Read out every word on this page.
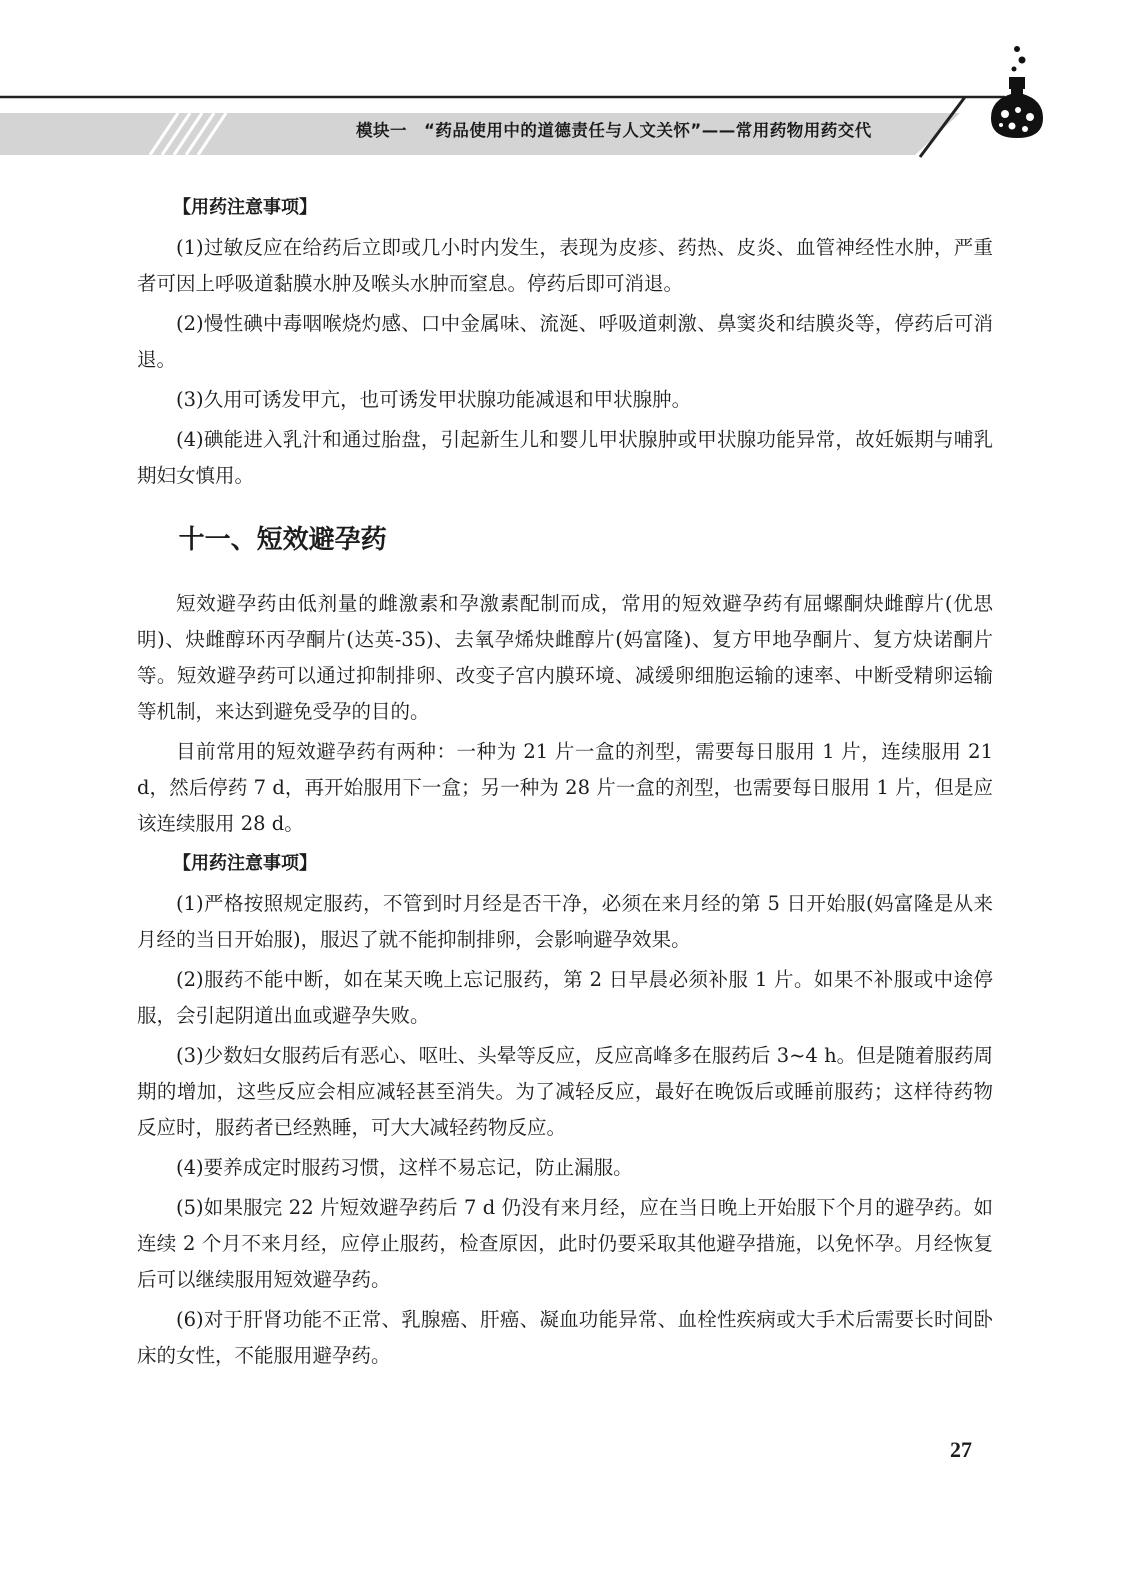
模块一　“药品使用中的道德责任与人文关怀”——常用药物用药交代
【用药注意事项】

(1)过敏反应在给药后立即或几小时内发生，表现为皮疹、药热、皮炎、血管神经性水肿，严重者可因上呼吸道黏膜水肿及喉头水肿而窒息。停药后即可消退。

(2)慢性碘中毒咽喉烧灼感、口中金属味、流涎、呼吸道刺激、鼻窦炎和结膜炎等，停药后可消退。

(3)久用可诱发甲亢，也可诱发甲状腺功能减退和甲状腺肿。

(4)碘能进入乳汁和通过胎盘，引起新生儿和婴儿甲状腺肿或甲状腺功能异常，故妊娠期与哺乳期妇女慎用。

十一、短效避孕药

短效避孕药由低剂量的雌激素和孕激素配制而成，常用的短效避孕药有屈螺酮炔雌醇片(优思明)、炔雌醇环丙孕酮片(达英-35)、去氧孕烯炔雌醇片(妈富隆)、复方甲地孕酮片、复方炔诺酮片等。短效避孕药可以通过抑制排卵、改变子宫内膜环境、减缓卵细胞运输的速率、中断受精卵运输等机制，来达到避免受孕的目的。

目前常用的短效避孕药有两种：一种为 21 片一盒的剂型，需要每日服用 1 片，连续服用 21 d，然后停药 7 d，再开始服用下一盒；另一种为 28 片一盒的剂型，也需要每日服用 1 片，但是应该连续服用 28 d。

【用药注意事项】

(1)严格按照规定服药，不管到时月经是否干净，必须在来月经的第 5 日开始服(妈富隆是从来月经的当日开始服)，服迟了就不能抑制排卵，会影响避孕效果。

(2)服药不能中断，如在某天晚上忘记服药，第 2 日早晨必须补服 1 片。如果不补服或中途停服，会引起阴道出血或避孕失败。

(3)少数妇女服药后有恶心、呕吐、头晕等反应，反应高峰多在服药后 3~4 h。但是随着服药周期的增加，这些反应会相应减轻甚至消失。为了减轻反应，最好在晚饭后或睡前服药；这样待药物反应时，服药者已经熟睡，可大大减轻药物反应。

(4)要养成定时服药习惯，这样不易忘记，防止漏服。

(5)如果服完 22 片短效避孕药后 7 d 仍没有来月经，应在当日晚上开始服下个月的避孕药。如连续 2 个月不来月经，应停止服药，检查原因，此时仍要采取其他避孕措施，以免怀孕。月经恢复后可以继续服用短效避孕药。

(6)对于肝肾功能不正常、乳腺癌、肝癌、凝血功能异常、血栓性疾病或大手术后需要长时间卧床的女性，不能服用避孕药。

27
